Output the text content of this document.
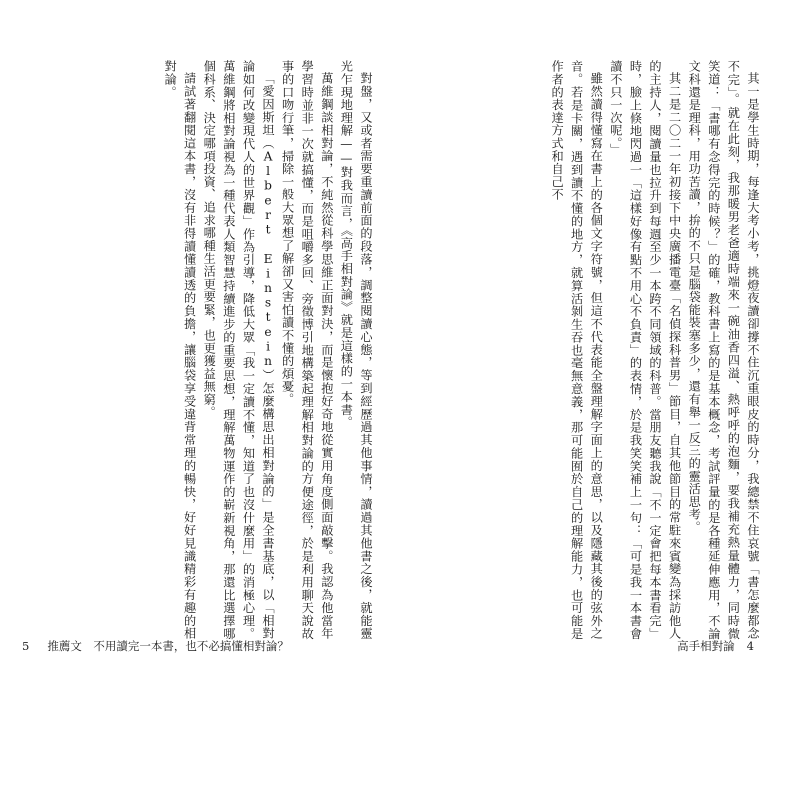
對盤，又或者需要重讀前面的段落，調整閱讀心態，等到經歷過其他事情，讀過其他書之後，就能靈光乍現地理解——對我而言，《高手相對論》就是這樣的一本書。

萬維鋼談相對論，不純然從科學思維正面對決，而是懷抱好奇地從實用角度側面敲擊。我認為他當年學習時並非一次就搞懂，而是咀嚼多回、旁徵博引地構築起理解相對論的方便途徑，於是利用聊天說故事的口吻行筆，掃除一般大眾想了解卻又害怕讀不懂的煩憂。

「愛因斯坦（Albert Einstein）怎麼構思出相對論的」是全書基底，以「相對論如何改變現代人的世界觀」作為引導，降低大眾「我一定讀不懂，知道了也沒什麼用」的消極心理。萬維鋼將相對論視為一種代表人類智慧持續進步的重要思想，理解萬物運作的嶄新視角，那還比選擇哪個科系、決定哪項投資、追求哪種生活更要緊，也更獲益無窮。

請試著翻閱這本書，沒有非得讀懂讀透的負擔，讓腦袋享受違背常理的暢快，好好見識精彩有趣的相對論。	其一是學生時期，每逢大考小考，挑燈夜讀卻撐不住沉重眼皮的時分，我總禁不住哀號「書怎麼都念不完」。就在此刻，我那暖男老爸適時端來一碗油香四溢、熱呼呼的泡麵，要我補充熱量體力，同時微笑道：「書哪有念得完的時候？」的確，教科書上寫的是基本概念，考試評量的是各種延伸應用，不論文科還是理科，用功苦讀，拚的不只是腦袋能裝塞多少，還有舉一反三的靈活思考。

其二是二〇二一年初接下中央廣播電臺「名偵探科普男」節目，自其他節目的常駐來賓變為採訪他人的主持人，閱讀量也拉升到每週至少一本跨不同領域的科普。當朋友聽我說「不一定會把每本書看完」時，臉上倏地閃過一「這樣好像有點不用心不負責」的表情，於是我笑笑補上一句：「可是我一本書會讀不只一次呢。」

雖然讀得懂寫在書上的各個文字符號，但這不代表能全盤理解字面上的意思，以及隱藏其後的弦外之音。若是卡關，遇到讀不懂的地方，就算活剝生吞也毫無意義，那可能囿於自己的理解能力，也可能是作者的表達方式和自己不

5 推薦文　不用讀完一本書，也不必搞懂相對論？	高手相對論 4
